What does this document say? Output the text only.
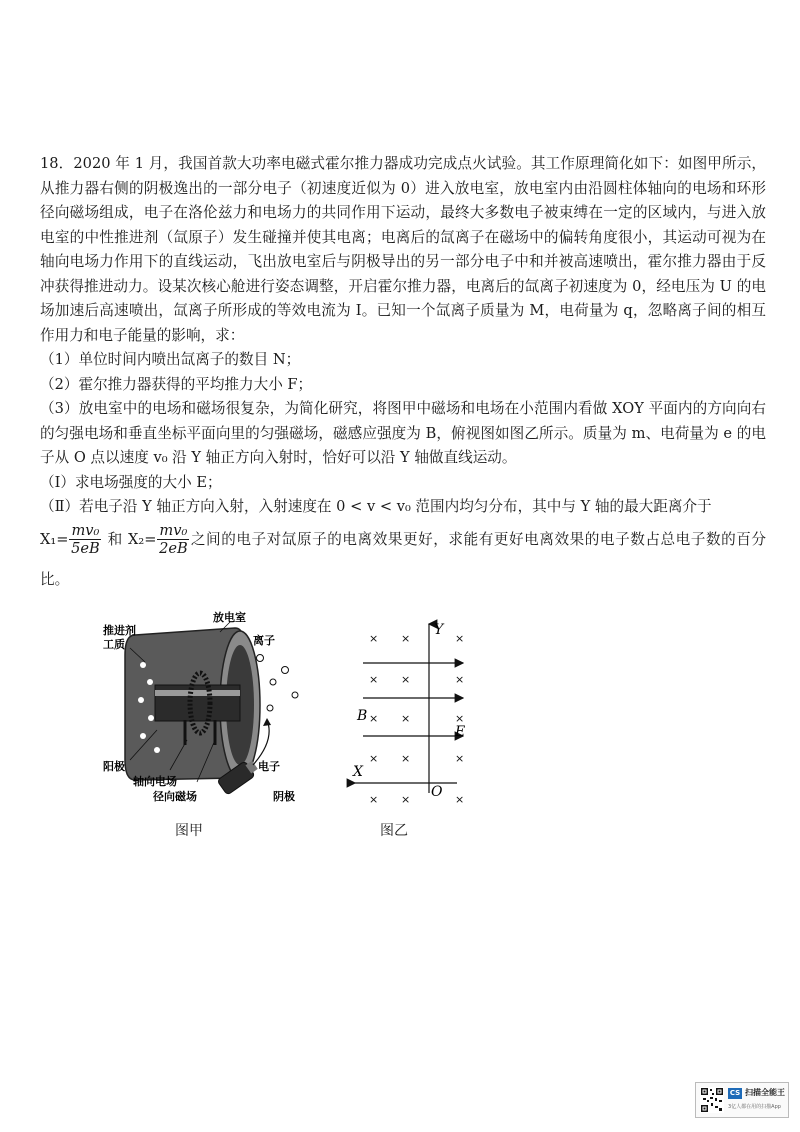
18．2020 年 1 月，我国首款大功率电磁式霍尔推力器成功完成点火试验。其工作原理简化如下：如图甲所示，从推力器右侧的阴极逸出的一部分电子（初速度近似为 0）进入放电室，放电室内由沿圆柱体轴向的电场和环形径向磁场组成，电子在洛伦兹力和电场力的共同作用下运动，最终大多数电子被束缚在一定的区域内，与进入放电室的中性推进剂（氙原子）发生碰撞并使其电离；电离后的氙离子在磁场中的偏转角度很小，其运动可视为在轴向电场力作用下的直线运动，飞出放电室后与阴极导出的另一部分电子中和并被高速喷出，霍尔推力器由于反冲获得推进动力。设某次核心舱进行姿态调整，开启霍尔推力器，电离后的氙离子初速度为 0，经电压为 U 的电场加速后高速喷出，氙离子所形成的等效电流为 I。已知一个氙离子质量为 M，电荷量为 q，忽略离子间的相互作用力和电子能量的影响，求：

（1）单位时间内喷出氙离子的数目 N；

（2）霍尔推力器获得的平均推力大小 F；

（3）放电室中的电场和磁场很复杂，为简化研究，将图甲中磁场和电场在小范围内看做 XOY 平面内的方向向右的匀强电场和垂直坐标平面向里的匀强磁场，磁感应强度为 B，俯视图如图乙所示。质量为 m、电荷量为 e 的电子从 O 点以速度 v₀ 沿 Y 轴正方向入射时，恰好可以沿 Y 轴做直线运动。

（Ⅰ）求电场强度的大小 E；

（Ⅱ）若电子沿 Y 轴正方向入射，入射速度在 0 < v < v₀ 范围内均匀分布，其中与 Y 轴的最大距离介于

$X_1= \frac{\text{mv₀}}{5eB}$ 和 $X_2= \frac{\text{mv₀}}{2eB}$ 之间的电子对氙原子的电离效果更好，求能有更好电离效果的电子数占总电子数的百分比。

推进剂
工质
放电室
离子
阳极
轴向电场
径向磁场
电子
阴极
图甲
× ×	×
× ×	×
× ×	×
× ×	×
× ×	×
Y
B
E
X
O
图乙
CS 扫描全能王
3亿人都在用的扫描App
